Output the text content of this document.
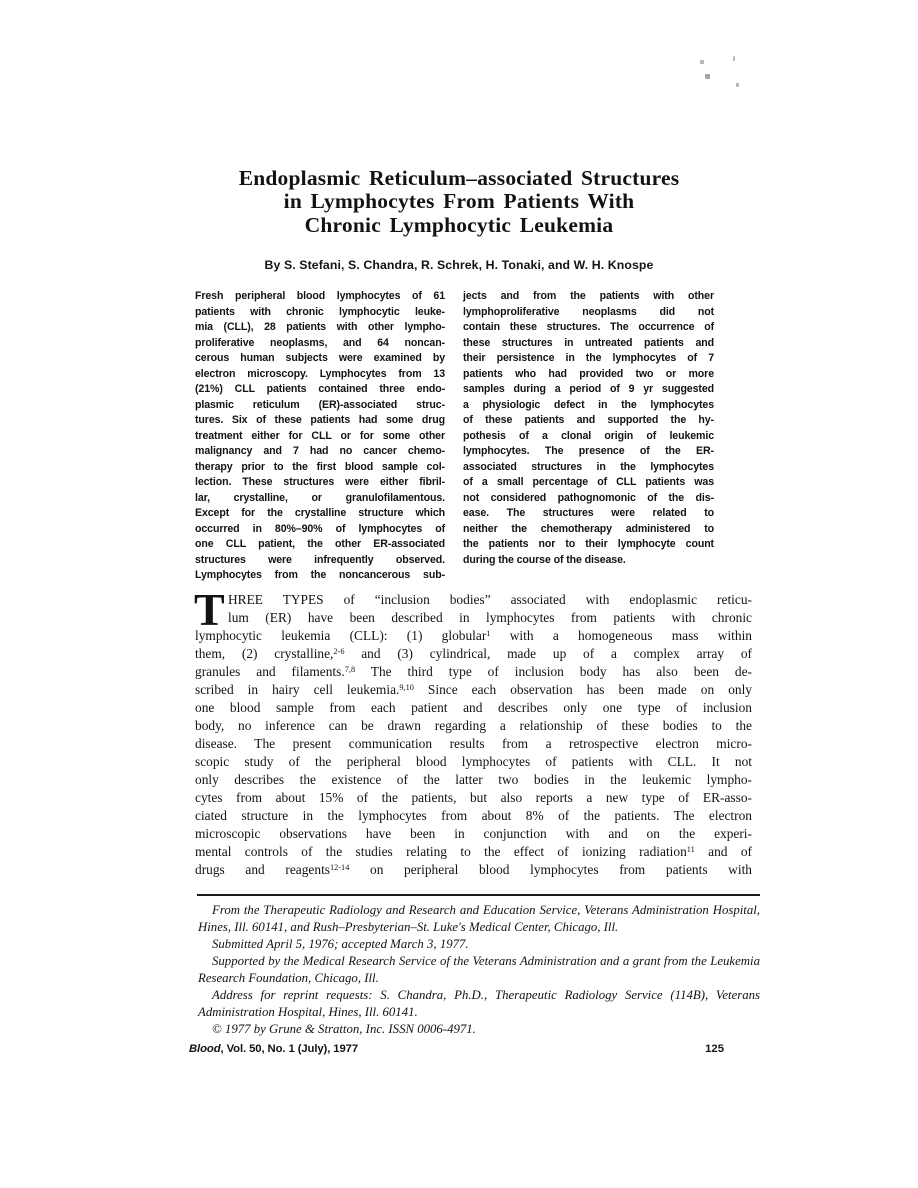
Endoplasmic Reticulum–associated Structures
in Lymphocytes From Patients With
Chronic Lymphocytic Leukemia
By S. Stefani, S. Chandra, R. Schrek, H. Tonaki, and W. H. Knospe
Fresh peripheral blood lymphocytes of 61
patients with chronic lymphocytic leuke-
mia (CLL), 28 patients with other lympho-
proliferative neoplasms, and 64 noncan-
cerous human subjects were examined by
electron microscopy. Lymphocytes from 13
(21%) CLL patients contained three endo-
plasmic reticulum (ER)-associated struc-
tures. Six of these patients had some drug
treatment either for CLL or for some other
malignancy and 7 had no cancer chemo-
therapy prior to the first blood sample col-
lection. These structures were either fibril-
lar, crystalline, or granulofilamentous.
Except for the crystalline structure which
occurred in 80%–90% of lymphocytes of
one CLL patient, the other ER-associated
structures were infrequently observed.
Lymphocytes from the noncancerous sub-
jects and from the patients with other
lymphoproliferative neoplasms did not
contain these structures. The occurrence of
these structures in untreated patients and
their persistence in the lymphocytes of 7
patients who had provided two or more
samples during a period of 9 yr suggested
a physiologic defect in the lymphocytes
of these patients and supported the hy-
pothesis of a clonal origin of leukemic
lymphocytes. The presence of the ER-
associated structures in the lymphocytes
of a small percentage of CLL patients was
not considered pathognomonic of the dis-
ease. The structures were related to
neither the chemotherapy administered to
the patients nor to their lymphocyte count
during the course of the disease.
T HREE TYPES of “inclusion bodies” associated with endoplasmic reticu-
lum (ER) have been described in lymphocytes from patients with chronic
lymphocytic leukemia (CLL): (1) globular$^1$ with a homogeneous mass within
them, (2) crystalline,$^{2-6}$ and (3) cylindrical, made up of a complex array of
granules and filaments.$^{7,8}$ The third type of inclusion body has also been de-
scribed in hairy cell leukemia.$^{9,10}$ Since each observation has been made on only
one blood sample from each patient and describes only one type of inclusion
body, no inference can be drawn regarding a relationship of these bodies to the
disease. The present communication results from a retrospective electron micro-
scopic study of the peripheral blood lymphocytes of patients with CLL. It not
only describes the existence of the latter two bodies in the leukemic lympho-
cytes from about 15% of the patients, but also reports a new type of ER-asso-
ciated structure in the lymphocytes from about 8% of the patients. The electron
microscopic observations have been in conjunction with and on the experi-
mental controls of the studies relating to the effect of ionizing radiation$^{11}$ and of
drugs and reagents$^{12-14}$ on peripheral blood lymphocytes from patients with

From the Therapeutic Radiology and Research and Education Service, Veterans Administration Hospital, Hines, Ill. 60141, and Rush–Presbyterian–St. Luke's Medical Center, Chicago, Ill.

Submitted April 5, 1976; accepted March 3, 1977.

Supported by the Medical Research Service of the Veterans Administration and a grant from the Leukemia Research Foundation, Chicago, Ill.

Address for reprint requests: S. Chandra, Ph.D., Therapeutic Radiology Service (114B), Veterans Administration Hospital, Hines, Ill. 60141.

© 1977 by Grune & Stratton, Inc. ISSN 0006-4971.

Blood, Vol. 50, No. 1 (July), 1977	125
